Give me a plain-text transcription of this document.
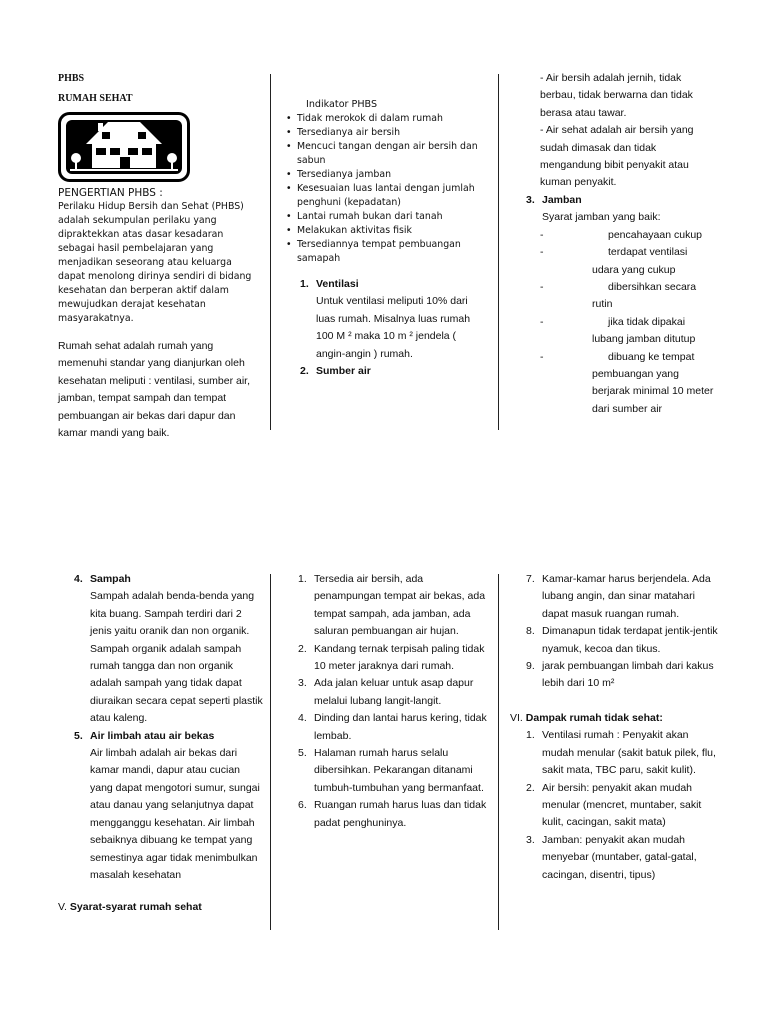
PHBS
RUMAH SEHAT
PENGERTIAN PHBS :
Perilaku Hidup Bersih dan Sehat (PHBS) adalah sekumpulan perilaku yang dipraktekkan atas dasar kesadaran sebagai hasil pembelajaran yang menjadikan seseorang atau keluarga dapat menolong dirinya sendiri di bidang kesehatan dan berperan aktif dalam mewujudkan derajat kesehatan masyarakatnya.
Rumah sehat adalah rumah yang memenuhi standar yang dianjurkan oleh kesehatan meliputi : ventilasi, sumber air, jamban, tempat sampah dan tempat pembuangan air bekas dari dapur dan kamar mandi yang baik.
Indikator PHBS
• Tidak merokok di dalam rumah
• Tersedianya air bersih
• Mencuci tangan dengan air bersih dan sabun
• Tersedianya jamban
• Kesesuaian luas lantai dengan jumlah penghuni (kepadatan)
• Lantai rumah bukan dari tanah
• Melakukan aktivitas fisik
• Tersediannya tempat pembuangan samapah
1. Ventilasi
Untuk ventilasi meliputi 10% dari luas rumah. Misalnya luas rumah 100 M ² maka 10 m ² jendela ( angin-angin ) rumah.
2. Sumber air
- Air bersih adalah jernih, tidak berbau, tidak berwarna dan tidak berasa atau tawar.
- Air sehat adalah air bersih yang sudah dimasak dan tidak mengandung bibit penyakit atau kuman penyakit.
3. Jamban
Syarat jamban yang baik:
-	pencahayaan cukup
-	terdapat ventilasi udara yang cukup
-	dibersihkan secara rutin
-	jika tidak dipakai lubang jamban ditutup
-	dibuang ke tempat pembuangan yang berjarak minimal 10 meter dari sumber air
4. Sampah
Sampah adalah benda-benda yang kita buang. Sampah terdiri dari 2 jenis yaitu oranik dan non organik. Sampah organik adalah sampah rumah tangga dan non organik adalah sampah yang tidak dapat diuraikan secara cepat seperti plastik atau kaleng.
5. Air limbah atau air bekas
Air limbah adalah air bekas dari kamar mandi, dapur atau cucian yang dapat mengotori sumur, sungai atau danau yang selanjutnya dapat mengganggu kesehatan. Air limbah sebaiknya dibuang ke tempat yang semestinya agar tidak menimbulkan masalah kesehatan
V. Syarat-syarat rumah sehat
1. Tersedia air bersih, ada penampungan tempat air bekas, ada tempat sampah, ada jamban, ada saluran pembuangan air hujan.
2. Kandang ternak terpisah paling tidak 10 meter jaraknya dari rumah.
3. Ada jalan keluar untuk asap dapur melalui lubang langit-langit.
4. Dinding dan lantai harus kering, tidak lembab.
5. Halaman rumah harus selalu dibersihkan. Pekarangan ditanami tumbuh-tumbuhan yang bermanfaat.
6. Ruangan rumah harus luas dan tidak padat penghuninya.
7. Kamar-kamar harus berjendela. Ada lubang angin, dan sinar matahari dapat masuk ruangan rumah.
8. Dimanapun tidak terdapat jentik-jentik nyamuk, kecoa dan tikus.
9. jarak pembuangan limbah dari kakus lebih dari 10 m²
VI. Dampak rumah tidak sehat:
1. Ventilasi rumah : Penyakit akan mudah menular (sakit batuk pilek, flu, sakit mata, TBC paru, sakit kulit).
2. Air bersih: penyakit akan mudah menular (mencret, muntaber, sakit kulit, cacingan, sakit mata)
3. Jamban: penyakit akan mudah menyebar (muntaber, gatal-gatal, cacingan, disentri, tipus)
